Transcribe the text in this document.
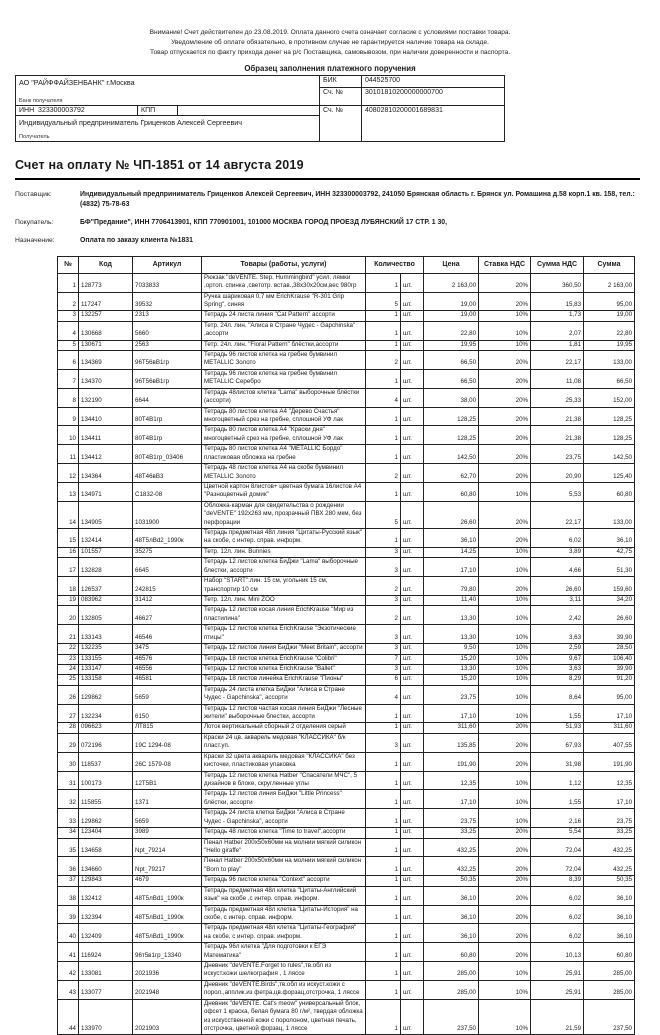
Внимание! Счет действителен до 23.08.2019. Оплата данного счета означает согласие с условиями поставки товара.
Уведомление об оплате обязательно, в противном случае не гарантируется наличие товара на складе.
Товар отпускается по факту прихода денег на р/с Поставщика, самовывозом, при наличии доверенности и паспорта.
Образец заполнения платежного поручения
АО "РАЙФФАЙЗЕНБАНК" г.Москва
Банк получателя
БИК	044525700
Сч. №	30101810200000000700
ИНН 323300003792	КПП
Индивидуальный предприниматель Гриценков Алексей Сергеевич
Получатель
Сч. №	40802810200001689831
Счет на оплату № ЧП-1851 от 14 августа 2019
Поставщик:	Индивидуальный предприниматель Гриценков Алексей Сергеевич, ИНН 323300003792, 241050 Брянская область г. Брянск ул. Ромашина д.58 корп.1 кв. 158, тел.: (4832) 75-78-63
Покупатель:	БФ"Предание", ИНН 7706413901, КПП 770901001, 101000 МОСКВА ГОРОД ПРОЕЗД ЛУБЯНСКИЙ 17 СТР. 1 30,
Назначение:	Оплата по заказу клиента №1831
№	Код	Артикул	Товары (работы, услуги)	Количество		Цена	Ставка НДС	Сумма НДС	Сумма
1	128773	7033833	Рюкзак "deVENTE. Step. Hummingbird" усил. лямки ,ортоп. спинка ,светотр. встав.,38х30х20см,вес 980гр	1	шт.	2 163,00	20%	360,50	2 163,00
2	117247	39532	Ручка шариковая 0,7 мм ErichKrause "R-301 Grip Spring", синяя	5	шт.	19,00	20%	15,83	95,00
3	132257	2313	Тетрадь 24 листа линия "Cat Pattern" ассорти	1	шт.	19,00	10%	1,73	19,00
4	130668	5660	Тетр. 24л. лин. "Алиса в Стране Чудес - Gapchinska" ,ассорти	1	шт.	22,80	10%	2,07	22,80
5	130671	2563	Тетр. 24л. лин. "Floral Pattern" блёстки,ассорти	1	шт.	19,95	10%	1,81	19,95
6	134369	96Т56вВ1гр	Тетрадь 96 листов клетка на гребне бумвинил METALLIC Золото	2	шт.	66,50	20%	22,17	133,00
7	134370	96Т56вВ1гр	Тетрадь 96 листов клетка на гребне бумвинил METALLIC Серебро	1	шт.	66,50	20%	11,08	66,50
8	132190	6644	Тетрадь 48листов клетка "Lama" выборочные блёстки (ассорти)	4	шт.	38,00	20%	25,33	152,00
9	134410	80Т4В1гр	Тетрадь 80 листов клетка А4 "Дерево Счастья" многоцветный срез на гребне, сплошной УФ лак	1	шт.	128,25	20%	21,38	128,25
10	134411	80Т4В1гр	Тетрадь 80 листов клетка А4 "Краски дня" многоцветный срез на гребне, сплошной УФ лак	1	шт.	128,25	20%	21,38	128,25
11	134412	80Т4В1гр_03406	Тетрадь 80 листов клетка А4 "METALLIC Бордо" пластиковая обложка на гребне	1	шт.	142,50	20%	23,75	142,50
12	134364	48Т46вВ3	Тетрадь 48 листов клетка А4 на скобе бумвинил METALLIC Золото	2	шт.	62,70	20%	20,90	125,40
13	134971	С1832-08	Цветной картон 8листов+ цветная бумага 16листов А4 "Разноцветный домик"	1	шт.	60,80	10%	5,53	60,80
14	134905	1031900	Обложка-карман для свидетельства о рождении "deVENTE" 192х263 мм, прозрачный ПВХ 280 мкм, без перфорации	5	шт.	26,60	20%	22,17	133,00
15	132414	48Т5лВd2_1990к	Тетрадь предметная 48л линия "Цитаты-Русский язык" на скобе, с интер. справ. информ.	1	шт.	36,10	20%	6,02	36,10
16	101557	35275	Тетр. 12л. лин. Bunnies	3	шт.	14,25	10%	3,89	42,75
17	132828	6645	Тетрадь 12 листов клетка БиДжи "Lama" выборочные блестки, ассорти	3	шт.	17,10	10%	4,66	51,30
18	126537	242815	Набор "START":лин. 15 см, угольник 15 см, транспортир 10 см	2	шт.	79,80	20%	26,60	159,60
19	083962	31412	Тетр. 12л. лин. Mini ZOO	3	шт.	11,40	10%	3,11	34,20
20	132805	46627	Тетрадь 12 листов косая линия ErichKrause "Мир из пластилина"	2	шт.	13,30	10%	2,42	26,60
21	133143	46546	Тетрадь 12 листов клетка ErichKrause "Экзотические птицы"	3	шт.	13,30	10%	3,63	39,90
22	132235	3475	Тетрадь 12 листов линия БиДжи "Meet Britain", ассорти	3	шт.	9,50	10%	2,59	28,50
23	133155	46576	Тетрадь 18 листов клетка ErichKrause "Colibri"	7	шт.	15,20	10%	9,67	106,40
24	133147	46556	Тетрадь 12 листов клетка ErichKrause "Ballet"	3	шт.	13,30	10%	3,63	39,90
25	133158	46581	Тетрадь 18 листов линейка ErichKrause "Пионы"	6	шт.	15,20	10%	8,29	91,20
26	129862	5659	Тетрадь 24 листа клетка БиДжи "Алиса в Стране Чудес - Gapchinska", ассорти	4	шт.	23,75	10%	8,64	95,00
27	132234	6150	Тетрадь 12 листов частая косая линия БиДжи "Лесные жители" выборочные блестки, ассорти	1	шт.	17,10	10%	1,55	17,10
28	096623	ЛТ815	Лоток вертикальный сборный 2 отделения серый	1	шт.	311,60	20%	51,93	311,60
29	072196	19С 1294-08	Краски 24 цв. акварель медовая "КЛАССИКА" б/к пласт.уп.	3	шт.	135,85	20%	67,93	407,55
30	118537	26С 1579-08	Краски 32 цвета акварель медовая "КЛАССИКА" без кисточки, пластиковая упаковка	1	шт.	191,90	20%	31,98	191,90
31	100173	12Т5В1	Тетрадь 12 листов клетка Hatber "Спасатели МЧС", 5 дизайнов в блоке, скругленные углы	1	шт.	12,35	10%	1,12	12,35
32	115855	1371	Тетрадь 12 листов линия БиДжи "Little Princess" блёстки, ассорти	1	шт.	17,10	10%	1,55	17,10
33	129862	5659	Тетрадь 24 листа клетка БиДжи "Алиса в Стране Чудес - Gapchinska", ассорти	1	шт.	23,75	10%	2,16	23,75
34	123404	3989	Тетрадь 48 листов клетка "Time to travel",ассорти	1	шт.	33,25	20%	5,54	33,25
35	134658	Npt_79214	Пенал Hatber 200х50х60мм на молнии мягкий силикон "Hello giraffe"	1	шт.	432,25	20%	72,04	432,25
36	134660	Npt_79217	Пенал Hatber 200х50х60мм на молнии мягкий силикон "Born to play"	1	шт.	432,25	20%	72,04	432,25
37	129843	4679	Тетрадь 96 листов клетка "Context" ассорти	1	шт.	50,35	20%	8,39	50,35
38	132412	48Т5лВd1_1990к	Тетрадь предметная 48л клетка "Цитаты-Английский язык" на скобе ,с интер. справ. информ.	1	шт.	36,10	20%	6,02	36,10
39	132394	48Т5лВd1_1990к	Тетрадь предметная 48л клетка "Цитаты-История" на скобе, с интер. справ. информ.	1	шт.	36,10	20%	6,02	36,10
40	132409	48Т5лВd1_1990к	Тетрадь предметная 48л клетка "Цитаты-География" на скобе, с интер. справ. информ.	1	шт.	36,10	20%	6,02	36,10
41	116924	96т5в1гр_13340	Тетрадь 96л клетка "Для подготовки к ЕГЭ Математика"	1	шт.	60,80	20%	10,13	60,80
42	133081	2021936	Дневник "deVENTE.Forget to rules",тв.обл из искуст.кожи шелкография , 1 ляссе	1	шт.	285,00	10%	25,91	285,00
43	133077	2021948	Дневник "deVENTE.Birds",тв.обл из искуст.кожи с порол.,апплик.из фетра,цв.форзац,отстрочка, 1 ляссе	1	шт.	285,00	10%	25,91	285,00
44	133970	2021903	Дневник "deVENTE. Cat's meow" универсальный блок, офсет 1 краска, белая бумага 80 г/м², твердая обложка из искусственной кожи с поролоном, цветная печать, отстрочка, цветной форзац, 1 ляссе	1	шт.	237,50	10%	21,59	237,50
